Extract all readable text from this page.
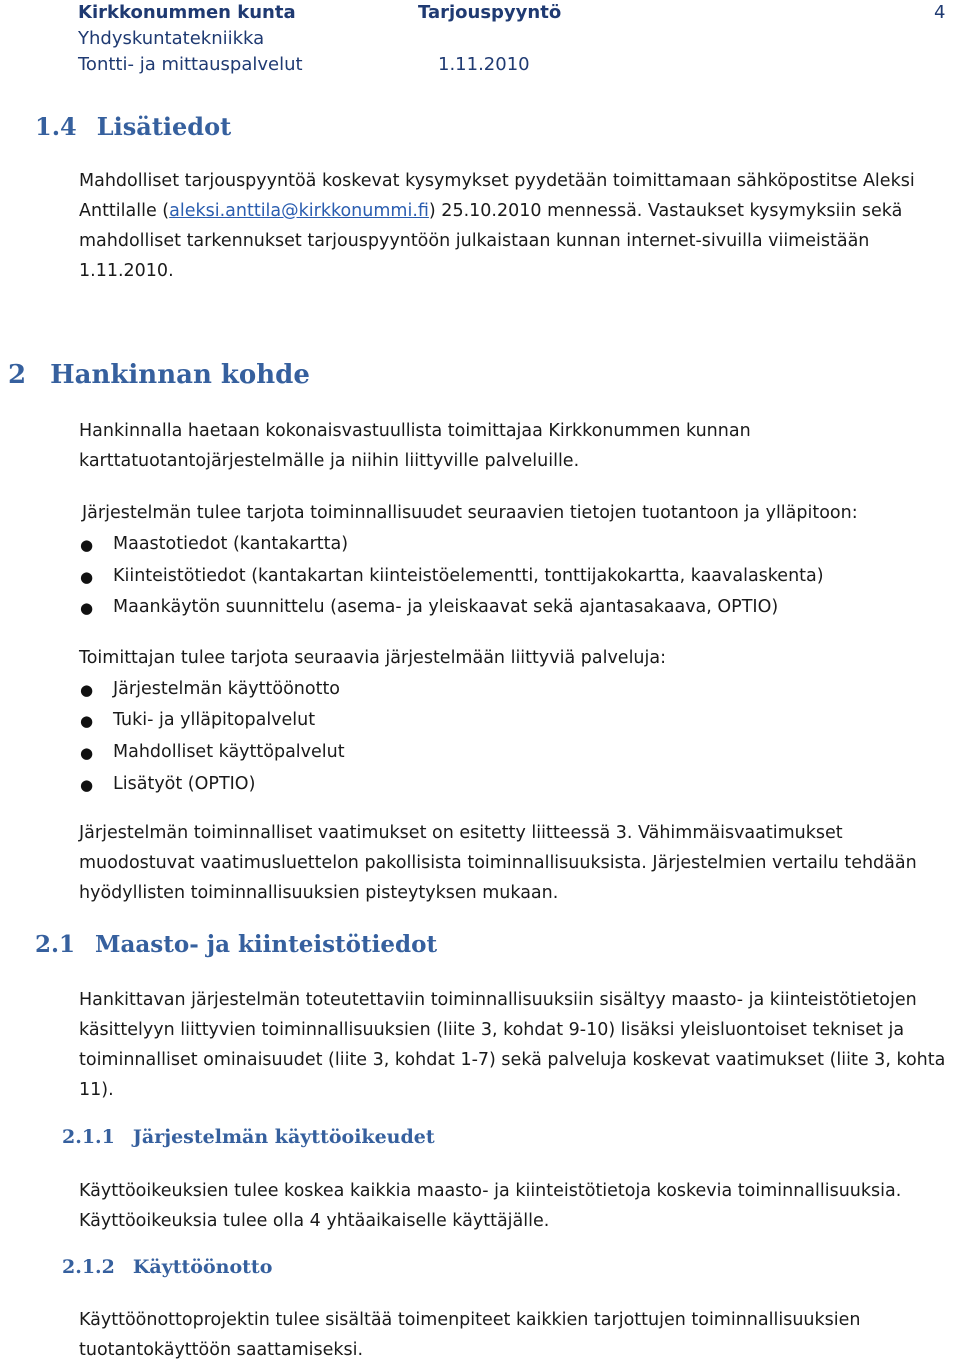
Kirkkonummen kunta	Tarjouspyyntö	4
Yhdyskuntatekniikka
Tontti- ja mittauspalvelut	1.11.2010
1.4 Lisätiedot

Mahdolliset tarjouspyyntöä koskevat kysymykset pyydetään toimittamaan sähköpostitse Aleksi Anttilalle (aleksi.anttila@kirkkonummi.fi) 25.10.2010 mennessä. Vastaukset kysymyksiin sekä mahdolliset tarkennukset tarjouspyyntöön julkaistaan kunnan internet-sivuilla viimeistään 1.11.2010.

2 Hankinnan kohde

Hankinnalla haetaan kokonaisvastuullista toimittajaa Kirkkonummen kunnan karttatuotantojärjestelmälle ja niihin liittyville palveluille.

Järjestelmän tulee tarjota toiminnallisuudet seuraavien tietojen tuotantoon ja ylläpitoon:

● Maastotiedot (kantakartta)

● Kiinteistötiedot (kantakartan kiinteistöelementti, tonttijakokartta, kaavalaskenta)

● Maankäytön suunnittelu (asema- ja yleiskaavat sekä ajantasakaava, OPTIO)

Toimittajan tulee tarjota seuraavia järjestelmään liittyviä palveluja:

● Järjestelmän käyttöönotto

● Tuki- ja ylläpitopalvelut

● Mahdolliset käyttöpalvelut

● Lisätyöt (OPTIO)

Järjestelmän toiminnalliset vaatimukset on esitetty liitteessä 3. Vähimmäisvaatimukset muodostuvat vaatimusluettelon pakollisista toiminnallisuuksista. Järjestelmien vertailu tehdään hyödyllisten toiminnallisuuksien pisteytyksen mukaan.

2.1 Maasto- ja kiinteistötiedot

Hankittavan järjestelmän toteutettaviin toiminnallisuuksiin sisältyy maasto- ja kiinteistötietojen käsittelyyn liittyvien toiminnallisuuksien (liite 3, kohdat 9-10) lisäksi yleisluontoiset tekniset ja toiminnalliset ominaisuudet (liite 3, kohdat 1-7) sekä palveluja koskevat vaatimukset (liite 3, kohta 11).

2.1.1 Järjestelmän käyttöoikeudet

Käyttöoikeuksien tulee koskea kaikkia maasto- ja kiinteistötietoja koskevia toiminnallisuuksia. Käyttöoikeuksia tulee olla 4 yhtäaikaiselle käyttäjälle.

2.1.2 Käyttöönotto

Käyttöönottoprojektin tulee sisältää toimenpiteet kaikkien tarjottujen toiminnallisuuksien tuotantokäyttöön saattamiseksi.
